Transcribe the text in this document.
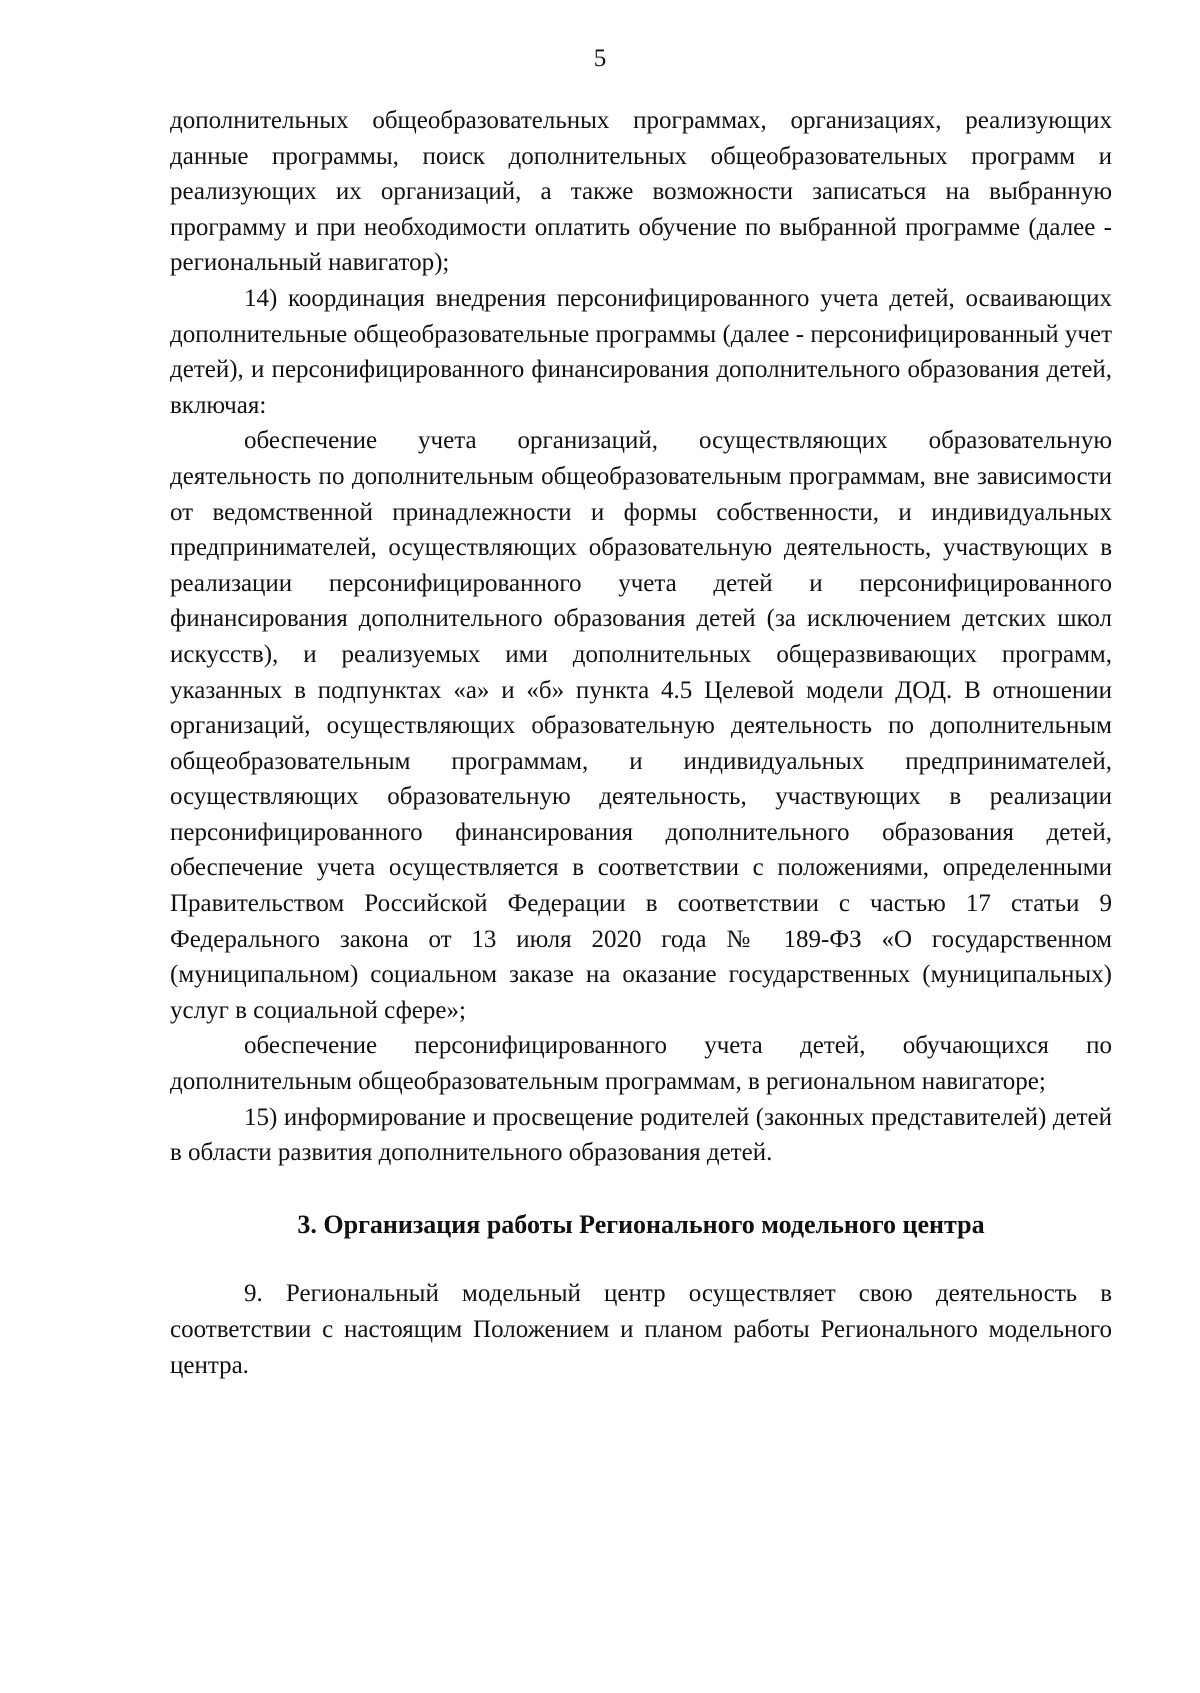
5

дополнительных общеобразовательных программах, организациях, реализующих данные программы, поиск дополнительных общеобразовательных программ и реализующих их организаций, а также возможности записаться на выбранную программу и при необходимости оплатить обучение по выбранной программе (далее - региональный навигатор);

14) координация внедрения персонифицированного учета детей, осваивающих дополнительные общеобразовательные программы (далее - персонифицированный учет детей), и персонифицированного финансирования дополнительного образования детей, включая:

обеспечение учета организаций, осуществляющих образовательную деятельность по дополнительным общеобразовательным программам, вне зависимости от ведомственной принадлежности и формы собственности, и индивидуальных предпринимателей, осуществляющих образовательную деятельность, участвующих в реализации персонифицированного учета детей и персонифицированного финансирования дополнительного образования детей (за исключением детских школ искусств), и реализуемых ими дополнительных общеразвивающих программ, указанных в подпунктах «а» и «б» пункта 4.5 Целевой модели ДОД. В отношении организаций, осуществляющих образовательную деятельность по дополнительным общеобразовательным программам, и индивидуальных предпринимателей, осуществляющих образовательную деятельность, участвующих в реализации персонифицированного финансирования дополнительного образования детей, обеспечение учета осуществляется в соответствии с положениями, определенными Правительством Российской Федерации в соответствии с частью 17 статьи 9 Федерального закона от 13 июля 2020 года № 189-ФЗ «О государственном (муниципальном) социальном заказе на оказание государственных (муниципальных) услуг в социальной сфере»;

обеспечение персонифицированного учета детей, обучающихся по дополнительным общеобразовательным программам, в региональном навигаторе;

15) информирование и просвещение родителей (законных представителей) детей в области развития дополнительного образования детей.

3. Организация работы Регионального модельного центра

9. Региональный модельный центр осуществляет свою деятельность в соответствии с настоящим Положением и планом работы Регионального модельного центра.
